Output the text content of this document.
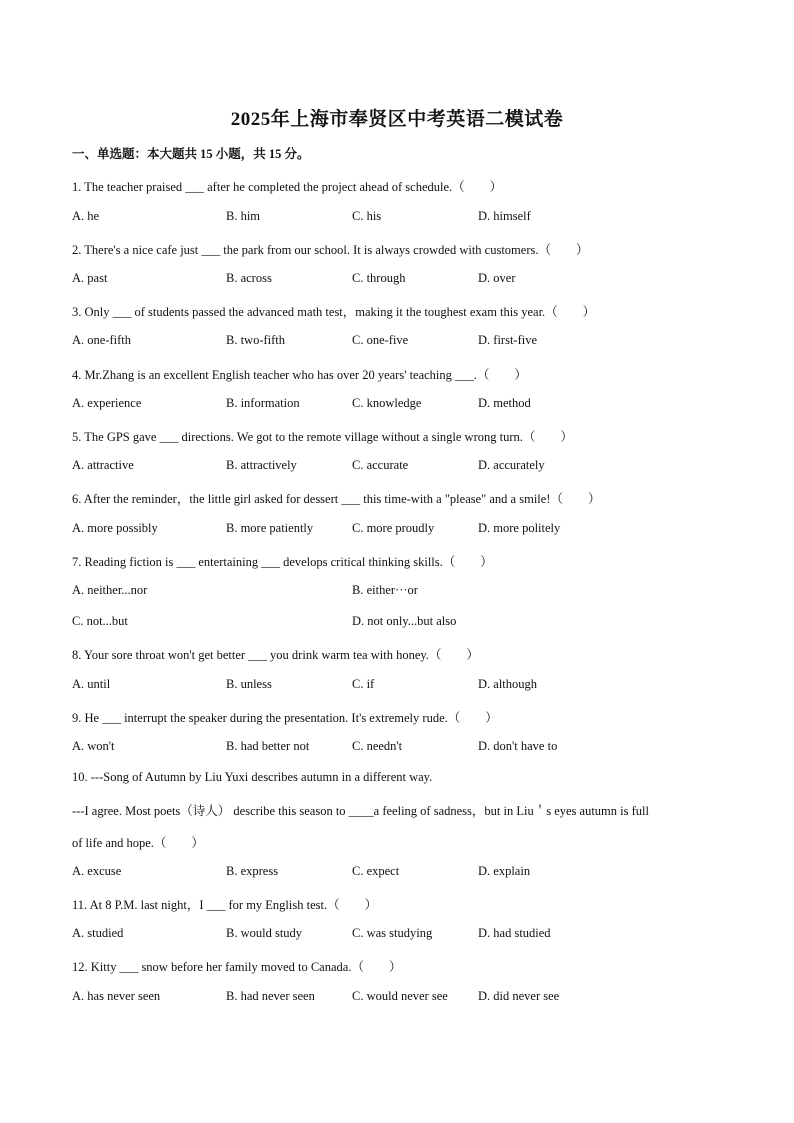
2025年上海市奉贤区中考英语二模试卷
一、单选题：本大题共 15 小题，共 15 分。
1. The teacher praised ___ after he completed the project ahead of schedule.（　　）
A. he	B. him	C. his	D. himself
2. There's a nice cafe just ___ the park from our school. It is always crowded with customers.（　　）
A. past	B. across	C. through	D. over
3. Only ___ of students passed the advanced math test，making it the toughest exam this year.（　　）
A. one-fifth	B. two-fifth	C. one-five	D. first-five
4. Mr.Zhang is an excellent English teacher who has over 20 years' teaching ___.（　　）
A. experience	B. information	C. knowledge	D. method
5. The GPS gave ___ directions. We got to the remote village without a single wrong turn.（　　）
A. attractive	B. attractively	C. accurate	D. accurately
6. After the reminder，the little girl asked for dessert ___ this time-with a "please" and a smile!（　　）
A. more possibly	B. more patiently	C. more proudly	D. more politely
7. Reading fiction is ___ entertaining ___ develops critical thinking skills.（　　）
A. neither...nor	B. either···or
C. not...but	D. not only...but also
8. Your sore throat won't get better ___ you drink warm tea with honey.（　　）
A. until	B. unless	C. if	D. although
9. He ___ interrupt the speaker during the presentation. It's extremely rude.（　　）
A. won't	B. had better not	C. needn't	D. don't have to
10. ---Song of Autumn by Liu Yuxi describes autumn in a different way.
---I agree. Most poets（诗人） describe this season to ____a feeling of sadness，but in Liu＇s eyes autumn is full
of life and hope.（　　）
A. excuse	B. express	C. expect	D. explain
11. At 8 P.M. last night，I ___ for my English test.（　　）
A. studied	B. would study	C. was studying	D. had studied
12. Kitty ___ snow before her family moved to Canada.（　　）
A. has never seen	B. had never seen	C. would never see D. did never see
